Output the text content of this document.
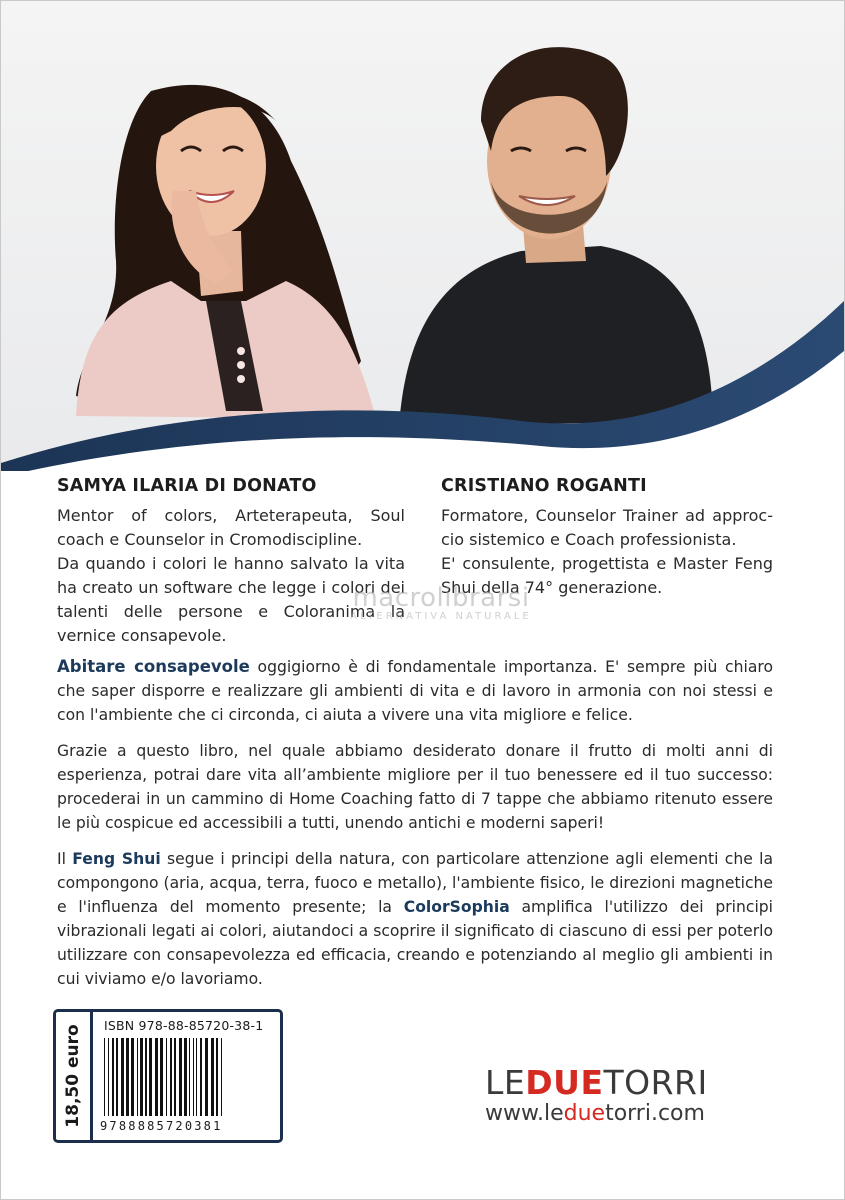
SAMYA ILARIA DI DONATO

Mentor of colors, Arteterapeuta, Soul coach e Counselor in Cromodiscipline.

Da quando i colori le hanno salvato la vita ha creato un software che legge i colori dei talenti delle persone e Coloranima la vernice consapevole.

CRISTIANO ROGANTI

Formatore, Counselor Trainer ad approc-cio sistemico e Coach professionista.

E' consulente, progettista e Master Feng Shui della 74° generazione.

macrolibrarsi
ALTERNATIVA NATURALE

Abitare consapevole oggigiorno è di fondamentale importanza. E' sempre più chiaro che saper disporre e realizzare gli ambienti di vita e di lavoro in armonia con noi stessi e con l'ambiente che ci circonda, ci aiuta a vivere una vita migliore e felice.

Grazie a questo libro, nel quale abbiamo desiderato donare il frutto di molti anni di esperienza, potrai dare vita all’ambiente migliore per il tuo benessere ed il tuo successo: procederai in un cammino di Home Coaching fatto di 7 tappe che abbiamo ritenuto essere le più cospicue ed accessibili a tutti, unendo antichi e moderni saperi!

Il Feng Shui segue i principi della natura, con particolare attenzione agli elementi che la compongono (aria, acqua, terra, fuoco e metallo), l'ambiente fisico, le direzioni magnetiche e l'influenza del momento presente; la ColorSophia amplifica l'utilizzo dei principi vibrazionali legati ai colori, aiutandoci a scoprire il significato di ciascuno di essi per poterlo utilizzare con consapevolezza ed efficacia, creando e potenziando al meglio gli ambienti in cui viviamo e/o lavoriamo.

18,50 euro ISBN 978-88-85720-38-1
9788885720381
LEDUETORRI
www.leduetorri.com
